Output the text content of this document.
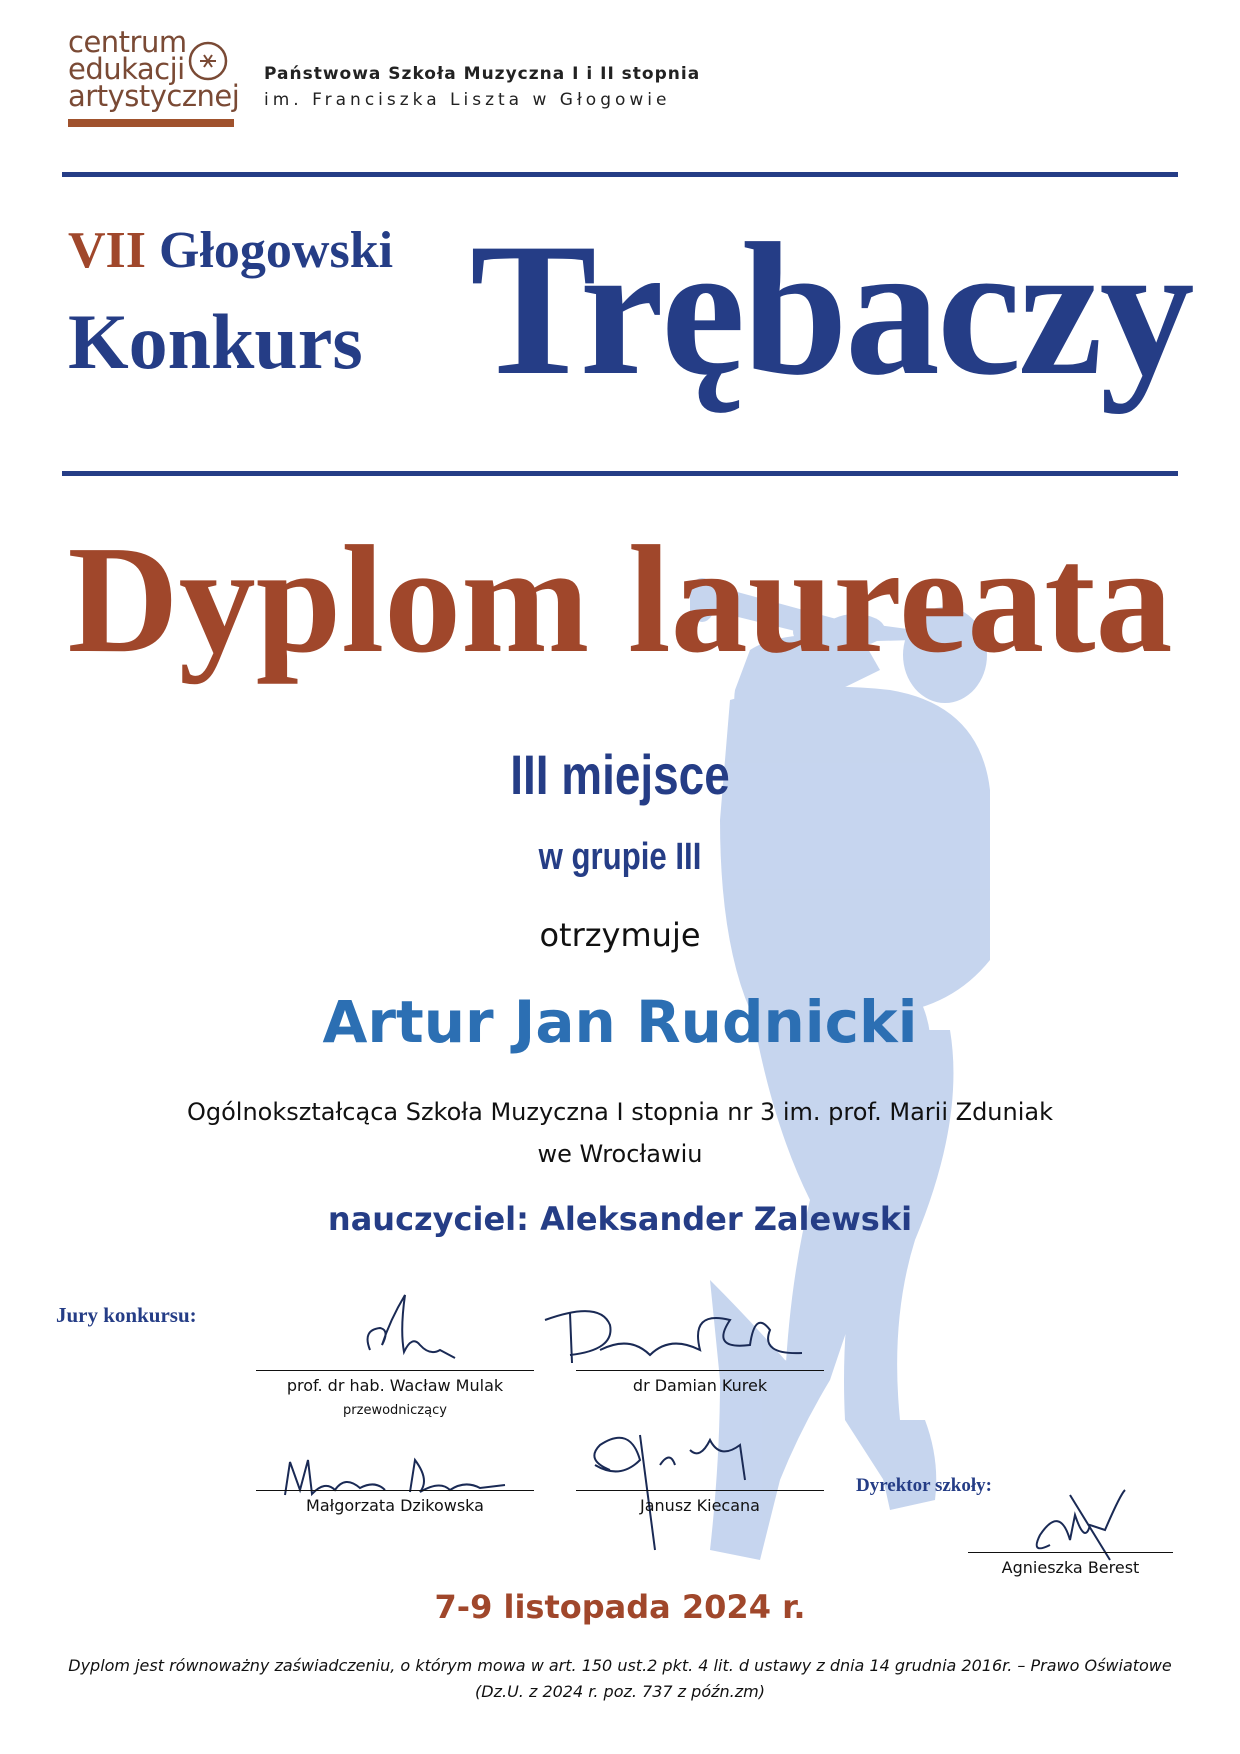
centrum
edukacji
artystycznej
Państwowa Szkoła Muzyczna I i II stopnia
im. Franciszka Liszta w Głogowie
VII Głogowski
Konkurs Trębaczy
Dyplom laureata
III miejsce
w grupie III
otrzymuje
Artur Jan Rudnicki
Ogólnokształcąca Szkoła Muzyczna I stopnia nr 3 im. prof. Marii Zduniak
we Wrocławiu
nauczyciel: Aleksander Zalewski
Jury konkursu:
prof. dr hab. Wacław Mulak
przewodniczący
dr Damian Kurek
Małgorzata Dzikowska	Janusz Kiecana
Dyrektor szkoły:
Agnieszka Berest
7-9 listopada 2024 r.
Dyplom jest równoważny zaświadczeniu, o którym mowa w art. 150 ust.2 pkt. 4 lit. d ustawy z dnia 14 grudnia 2016r. – Prawo Oświatowe
(Dz.U. z 2024 r. poz. 737 z późn.zm)
